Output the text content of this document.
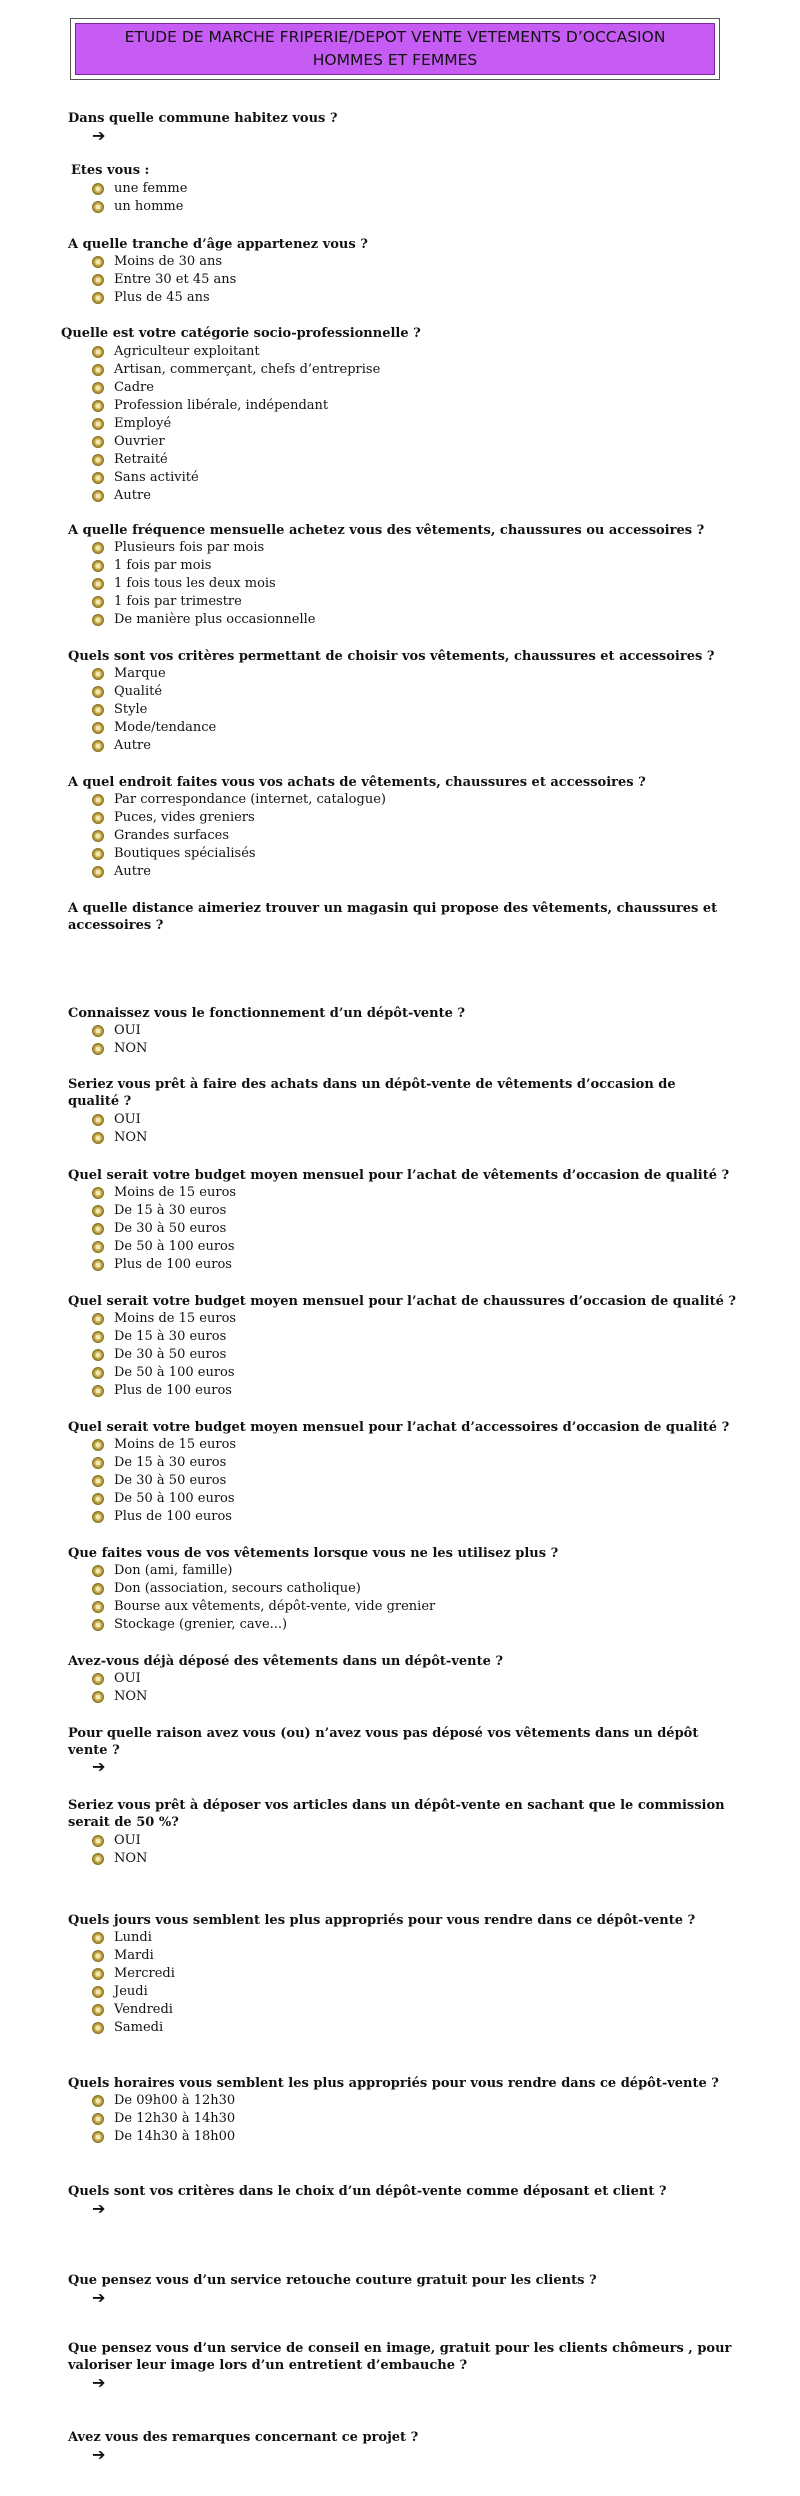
ETUDE DE MARCHE FRIPERIE/DEPOT VENTE VETEMENTS D’OCCASION
HOMMES ET FEMMES
Dans quelle commune habitez vous ?
➔
Etes vous :
une femme
un homme
A quelle tranche d’âge appartenez vous ?
Moins de 30 ans
Entre 30 et 45 ans
Plus de 45 ans
Quelle est votre catégorie socio-professionnelle ?
Agriculteur exploitant
Artisan, commerçant, chefs d’entreprise
Cadre
Profession libérale, indépendant
Employé
Ouvrier
Retraité
Sans activité
Autre
A quelle fréquence mensuelle achetez vous des vêtements, chaussures ou accessoires ?
Plusieurs fois par mois
1 fois par mois
1 fois tous les deux mois
1 fois par trimestre
De manière plus occasionnelle
Quels sont vos critères permettant de choisir vos vêtements, chaussures et accessoires ?
Marque
Qualité
Style
Mode/tendance
Autre
A quel endroit faites vous vos achats de vêtements, chaussures et accessoires ?
Par correspondance (internet, catalogue)
Puces, vides greniers
Grandes surfaces
Boutiques spécialisés
Autre
A quelle distance aimeriez trouver un magasin qui propose des vêtements, chaussures et
accessoires ?
Connaissez vous le fonctionnement d’un dépôt-vente ?
OUI
NON
Seriez vous prêt à faire des achats dans un dépôt-vente de vêtements d’occasion de
qualité ?
OUI
NON
Quel serait votre budget moyen mensuel pour l’achat de vêtements d’occasion de qualité ?
Moins de 15 euros
De 15 à 30 euros
De 30 à 50 euros
De 50 à 100 euros
Plus de 100 euros
Quel serait votre budget moyen mensuel pour l’achat de chaussures d’occasion de qualité ?
Moins de 15 euros
De 15 à 30 euros
De 30 à 50 euros
De 50 à 100 euros
Plus de 100 euros
Quel serait votre budget moyen mensuel pour l’achat d’accessoires d’occasion de qualité ?
Moins de 15 euros
De 15 à 30 euros
De 30 à 50 euros
De 50 à 100 euros
Plus de 100 euros
Que faites vous de vos vêtements lorsque vous ne les utilisez plus ?
Don (ami, famille)
Don (association, secours catholique)
Bourse aux vêtements, dépôt-vente, vide grenier
Stockage (grenier, cave...)
Avez-vous déjà déposé des vêtements dans un dépôt-vente ?
OUI
NON
Pour quelle raison avez vous (ou) n’avez vous pas déposé vos vêtements dans un dépôt
vente ?
➔
Seriez vous prêt à déposer vos articles dans un dépôt-vente en sachant que le commission
serait de 50 %?
OUI
NON
Quels jours vous semblent les plus appropriés pour vous rendre dans ce dépôt-vente ?
Lundi
Mardi
Mercredi
Jeudi
Vendredi
Samedi
Quels horaires vous semblent les plus appropriés pour vous rendre dans ce dépôt-vente ?
De 09h00 à 12h30
De 12h30 à 14h30
De 14h30 à 18h00
Quels sont vos critères dans le choix d’un dépôt-vente comme déposant et client ?
➔
Que pensez vous d’un service retouche couture gratuit pour les clients ?
➔
Que pensez vous d’un service de conseil en image, gratuit pour les clients chômeurs , pour
valoriser leur image lors d’un entretient d’embauche ?
➔
Avez vous des remarques concernant ce projet ?
➔
